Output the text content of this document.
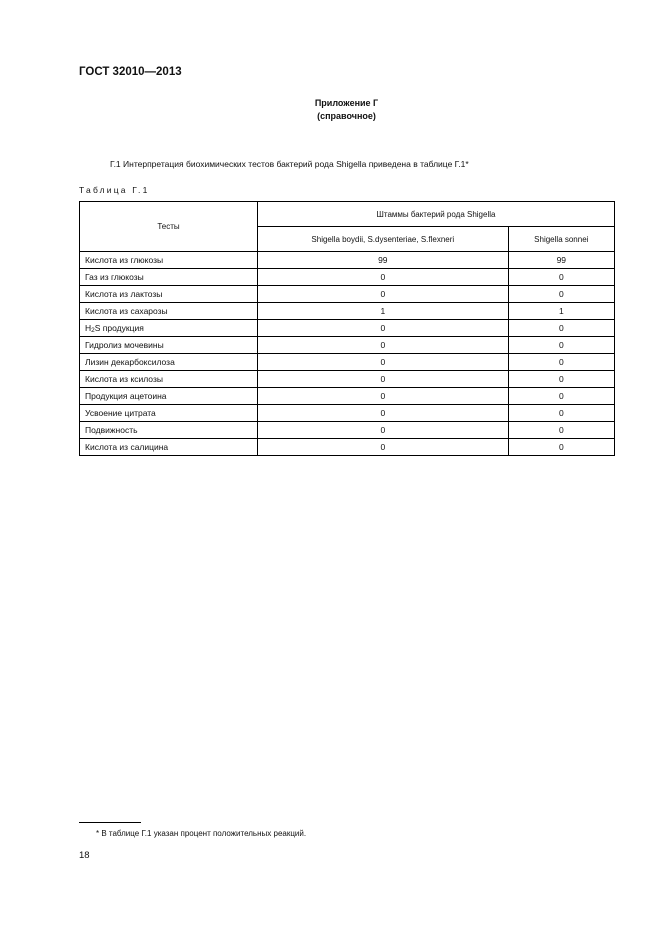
ГОСТ 32010—2013
Приложение Г
(справочное)
Г.1 Интерпретация биохимических тестов бактерий рода Shigella приведена в таблице Г.1*
Таблица Г.1
Тесты	Штаммы бактерий рода Shigella	
	Shigella boydii, S.dysenteriae, S.flexneri	Shigella sonnei
Кислота из глюкозы	99	99
Газ из глюкозы	0	0
Кислота из лактозы	0	0
Кислота из сахарозы	1	1
$H_2S$ продукция	0	0
Гидролиз мочевины	0	0
Лизин декарбоксилоза	0	0
Кислота из ксилозы	0	0
Продукция ацетоина	0	0
Усвоение цитрата	0	0
Подвижность	0	0
Кислота из салицина	0	0
* В таблице Г.1 указан процент положительных реакций.
18
